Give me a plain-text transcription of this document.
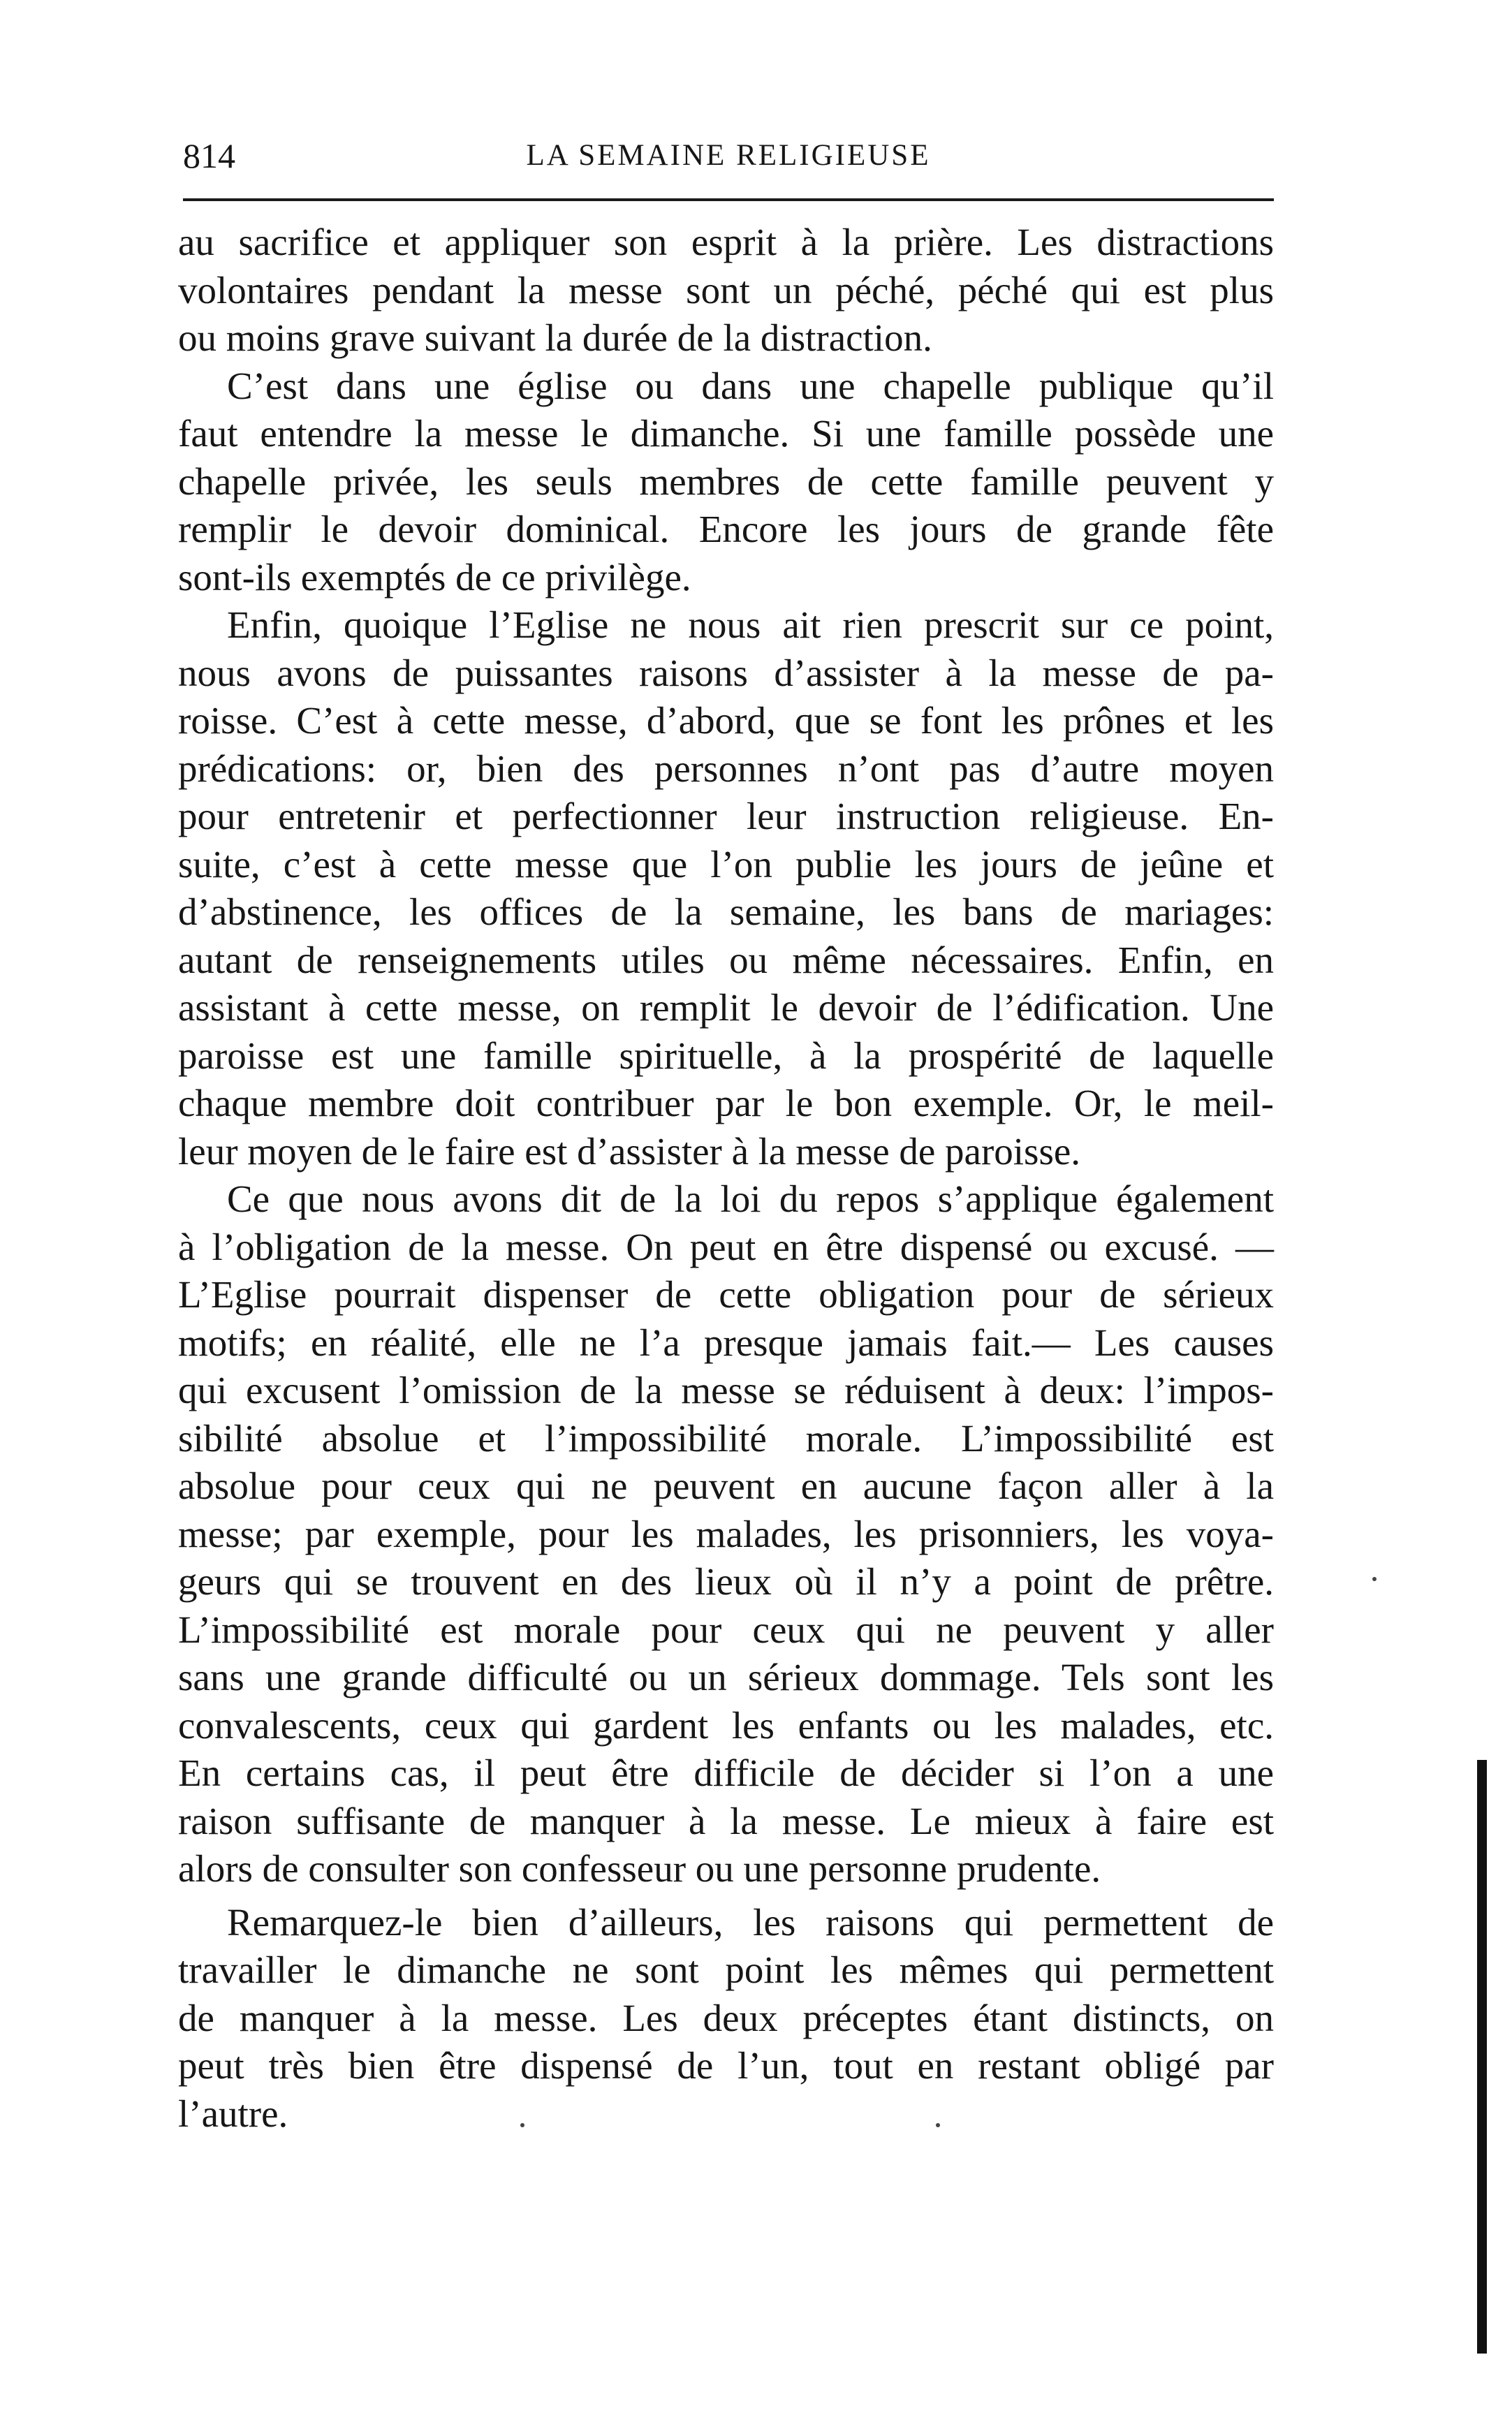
814	LA SEMAINE RELIGIEUSE
au sacrifice et appliquer son esprit à la prière. Les distractions
volontaires pendant la messe sont un péché, péché qui est plus
ou moins grave suivant la durée de la distraction.
C’est dans une église ou dans une chapelle publique qu’il
faut entendre la messe le dimanche. Si une famille possède une
chapelle privée, les seuls membres de cette famille peuvent y
remplir le devoir dominical. Encore les jours de grande fête
sont-ils exemptés de ce privilège.
Enfin, quoique l’Eglise ne nous ait rien prescrit sur ce point,
nous avons de puissantes raisons d’assister à la messe de pa-
roisse. C’est à cette messe, d’abord, que se font les prônes et les
prédications: or, bien des personnes n’ont pas d’autre moyen
pour entretenir et perfectionner leur instruction religieuse. En-
suite, c’est à cette messe que l’on publie les jours de jeûne et
d’abstinence, les offices de la semaine, les bans de mariages:
autant de renseignements utiles ou même nécessaires. Enfin, en
assistant à cette messe, on remplit le devoir de l’édification. Une
paroisse est une famille spirituelle, à la prospérité de laquelle
chaque membre doit contribuer par le bon exemple. Or, le meil-
leur moyen de le faire est d’assister à la messe de paroisse.
Ce que nous avons dit de la loi du repos s’applique également
à l’obligation de la messe. On peut en être dispensé ou excusé. —
L’Eglise pourrait dispenser de cette obligation pour de sérieux
motifs; en réalité, elle ne l’a presque jamais fait.— Les causes
qui excusent l’omission de la messe se réduisent à deux: l’impos-
sibilité absolue et l’impossibilité morale. L’impossibilité est
absolue pour ceux qui ne peuvent en aucune façon aller à la
messe; par exemple, pour les malades, les prisonniers, les voya-
geurs qui se trouvent en des lieux où il n’y a point de prêtre.
L’impossibilité est morale pour ceux qui ne peuvent y aller
sans une grande difficulté ou un sérieux dommage. Tels sont les
convalescents, ceux qui gardent les enfants ou les malades, etc.
En certains cas, il peut être difficile de décider si l’on a une
raison suffisante de manquer à la messe. Le mieux à faire est
alors de consulter son confesseur ou une personne prudente.
Remarquez-le bien d’ailleurs, les raisons qui permettent de
travailler le dimanche ne sont point les mêmes qui permettent
de manquer à la messe. Les deux préceptes étant distincts, on
peut très bien être dispensé de l’un, tout en restant obligé par
l’autre.
